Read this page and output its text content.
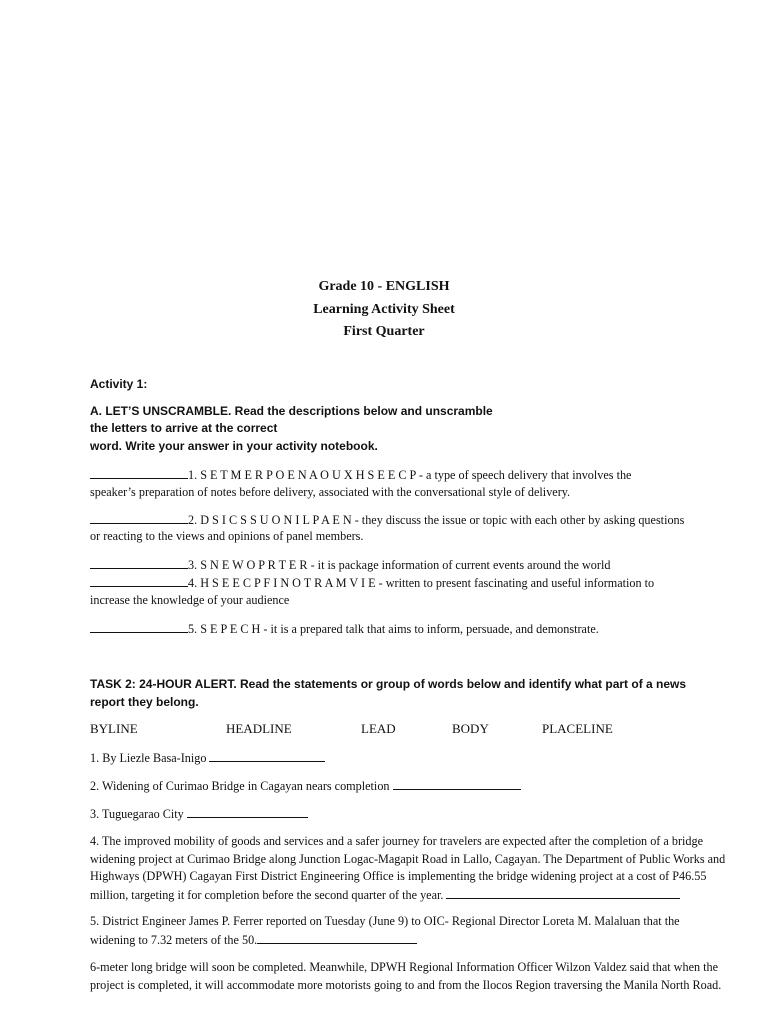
Grade 10 - ENGLISH
Learning Activity Sheet
First Quarter
Activity 1:
A. LET’S UNSCRAMBLE. Read the descriptions below and unscramble
the letters to arrive at the correct
word. Write your answer in your activity notebook.
1. S E T M E R P O E N A O U X H S E E C P - a type of speech delivery that involves the
speaker’s preparation of notes before delivery, associated with the conversational style of delivery.
2. D S I C S S U O N I L P A E N - they discuss the issue or topic with each other by asking questions
or reacting to the views and opinions of panel members.
3. S N E W O P R T E R - it is package information of current events around the world
4. H S E E C P F I N O T R A M V I E - written to present fascinating and useful information to
increase the knowledge of your audience
5. S E P E C H - it is a prepared talk that aims to inform, persuade, and demonstrate.
TASK 2: 24-HOUR ALERT. Read the statements or group of words below and identify what part of a news
report they belong.
BYLINE	HEADLINE	LEAD	BODY	PLACELINE
1. By Liezle Basa-Inigo
2. Widening of Curimao Bridge in Cagayan nears completion
3. Tuguegarao City
4. The improved mobility of goods and services and a safer journey for travelers are expected after the completion of a bridge
widening project at Curimao Bridge along Junction Logac-Magapit Road in Lallo, Cagayan. The Department of Public Works and
Highways (DPWH) Cagayan First District Engineering Office is implementing the bridge widening project at a cost of P46.55
million, targeting it for completion before the second quarter of the year.
5. District Engineer James P. Ferrer reported on Tuesday (June 9) to OIC- Regional Director Loreta M. Malaluan that the
widening to 7.32 meters of the 50.
6-meter long bridge will soon be completed. Meanwhile, DPWH Regional Information Officer Wilzon Valdez said that when the
project is completed, it will accommodate more motorists going to and from the Ilocos Region traversing the Manila North Road.
